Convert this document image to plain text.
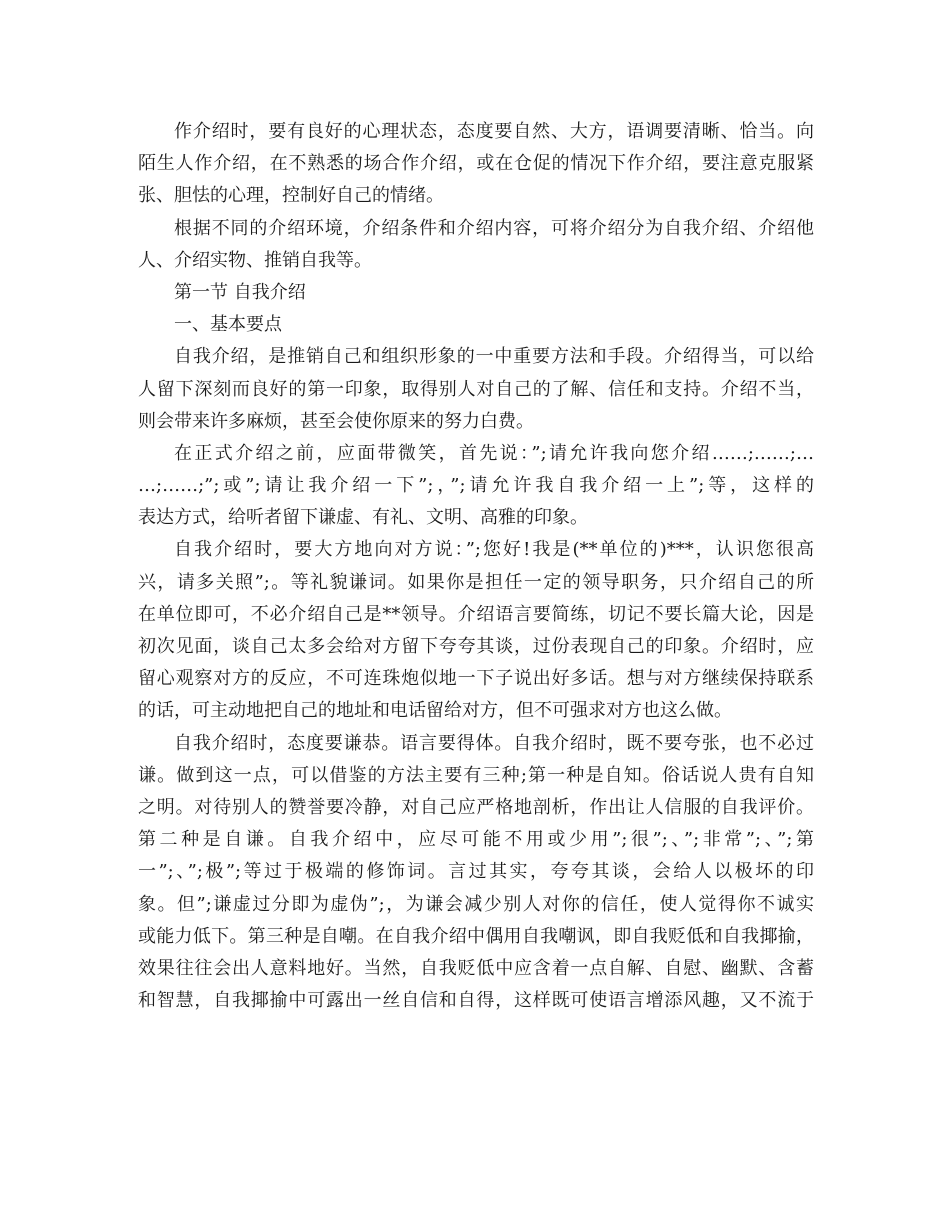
作介绍时，要有良好的心理状态，态度要自然、大方，语调要清晰、恰当。向
陌生人作介绍，在不熟悉的场合作介绍，或在仓促的情况下作介绍，要注意克服紧
张、胆怯的心理，控制好自己的情绪。
根据不同的介绍环境，介绍条件和介绍内容，可将介绍分为自我介绍、介绍他
人、介绍实物、推销自我等。
第一节 自我介绍
一、基本要点
自我介绍，是推销自己和组织形象的一中重要方法和手段。介绍得当，可以给
人留下深刻而良好的第一印象，取得别人对自己的了解、信任和支持。介绍不当，
则会带来许多麻烦，甚至会使你原来的努力白费。
在正式介绍之前，应面带微笑，首先说：”;请允许我向您介绍……;……;…
…;……;”;或”;请让我介绍一下”;，”;请允许我自我介绍一上”;等，这样的
表达方式，给听者留下谦虚、有礼、文明、高雅的印象。
自我介绍时，要大方地向对方说：”;您好!我是(**单位的)***，认识您很高
兴，请多关照”;。等礼貌谦词。如果你是担任一定的领导职务，只介绍自己的所
在单位即可，不必介绍自己是**领导。介绍语言要简练，切记不要长篇大论，因是
初次见面，谈自己太多会给对方留下夸夸其谈，过份表现自己的印象。介绍时，应
留心观察对方的反应，不可连珠炮似地一下子说出好多话。想与对方继续保持联系
的话，可主动地把自己的地址和电话留给对方，但不可强求对方也这么做。
自我介绍时，态度要谦恭。语言要得体。自我介绍时，既不要夸张，也不必过
谦。做到这一点，可以借鉴的方法主要有三种;第一种是自知。俗话说人贵有自知
之明。对待别人的赞誉要冷静，对自己应严格地剖析，作出让人信服的自我评价。
第二种是自谦。自我介绍中，应尽可能不用或少用”;很”;、”;非常”;、”;第
一”;、”;极”;等过于极端的修饰词。言过其实，夸夸其谈，会给人以极坏的印
象。但”;谦虚过分即为虚伪”;，为谦会减少别人对你的信任，使人觉得你不诚实
或能力低下。第三种是自嘲。在自我介绍中偶用自我嘲讽，即自我贬低和自我揶揄，
效果往往会出人意料地好。当然，自我贬低中应含着一点自解、自慰、幽默、含蓄
和智慧，自我揶揄中可露出一丝自信和自得，这样既可使语言增添风趣，又不流于
